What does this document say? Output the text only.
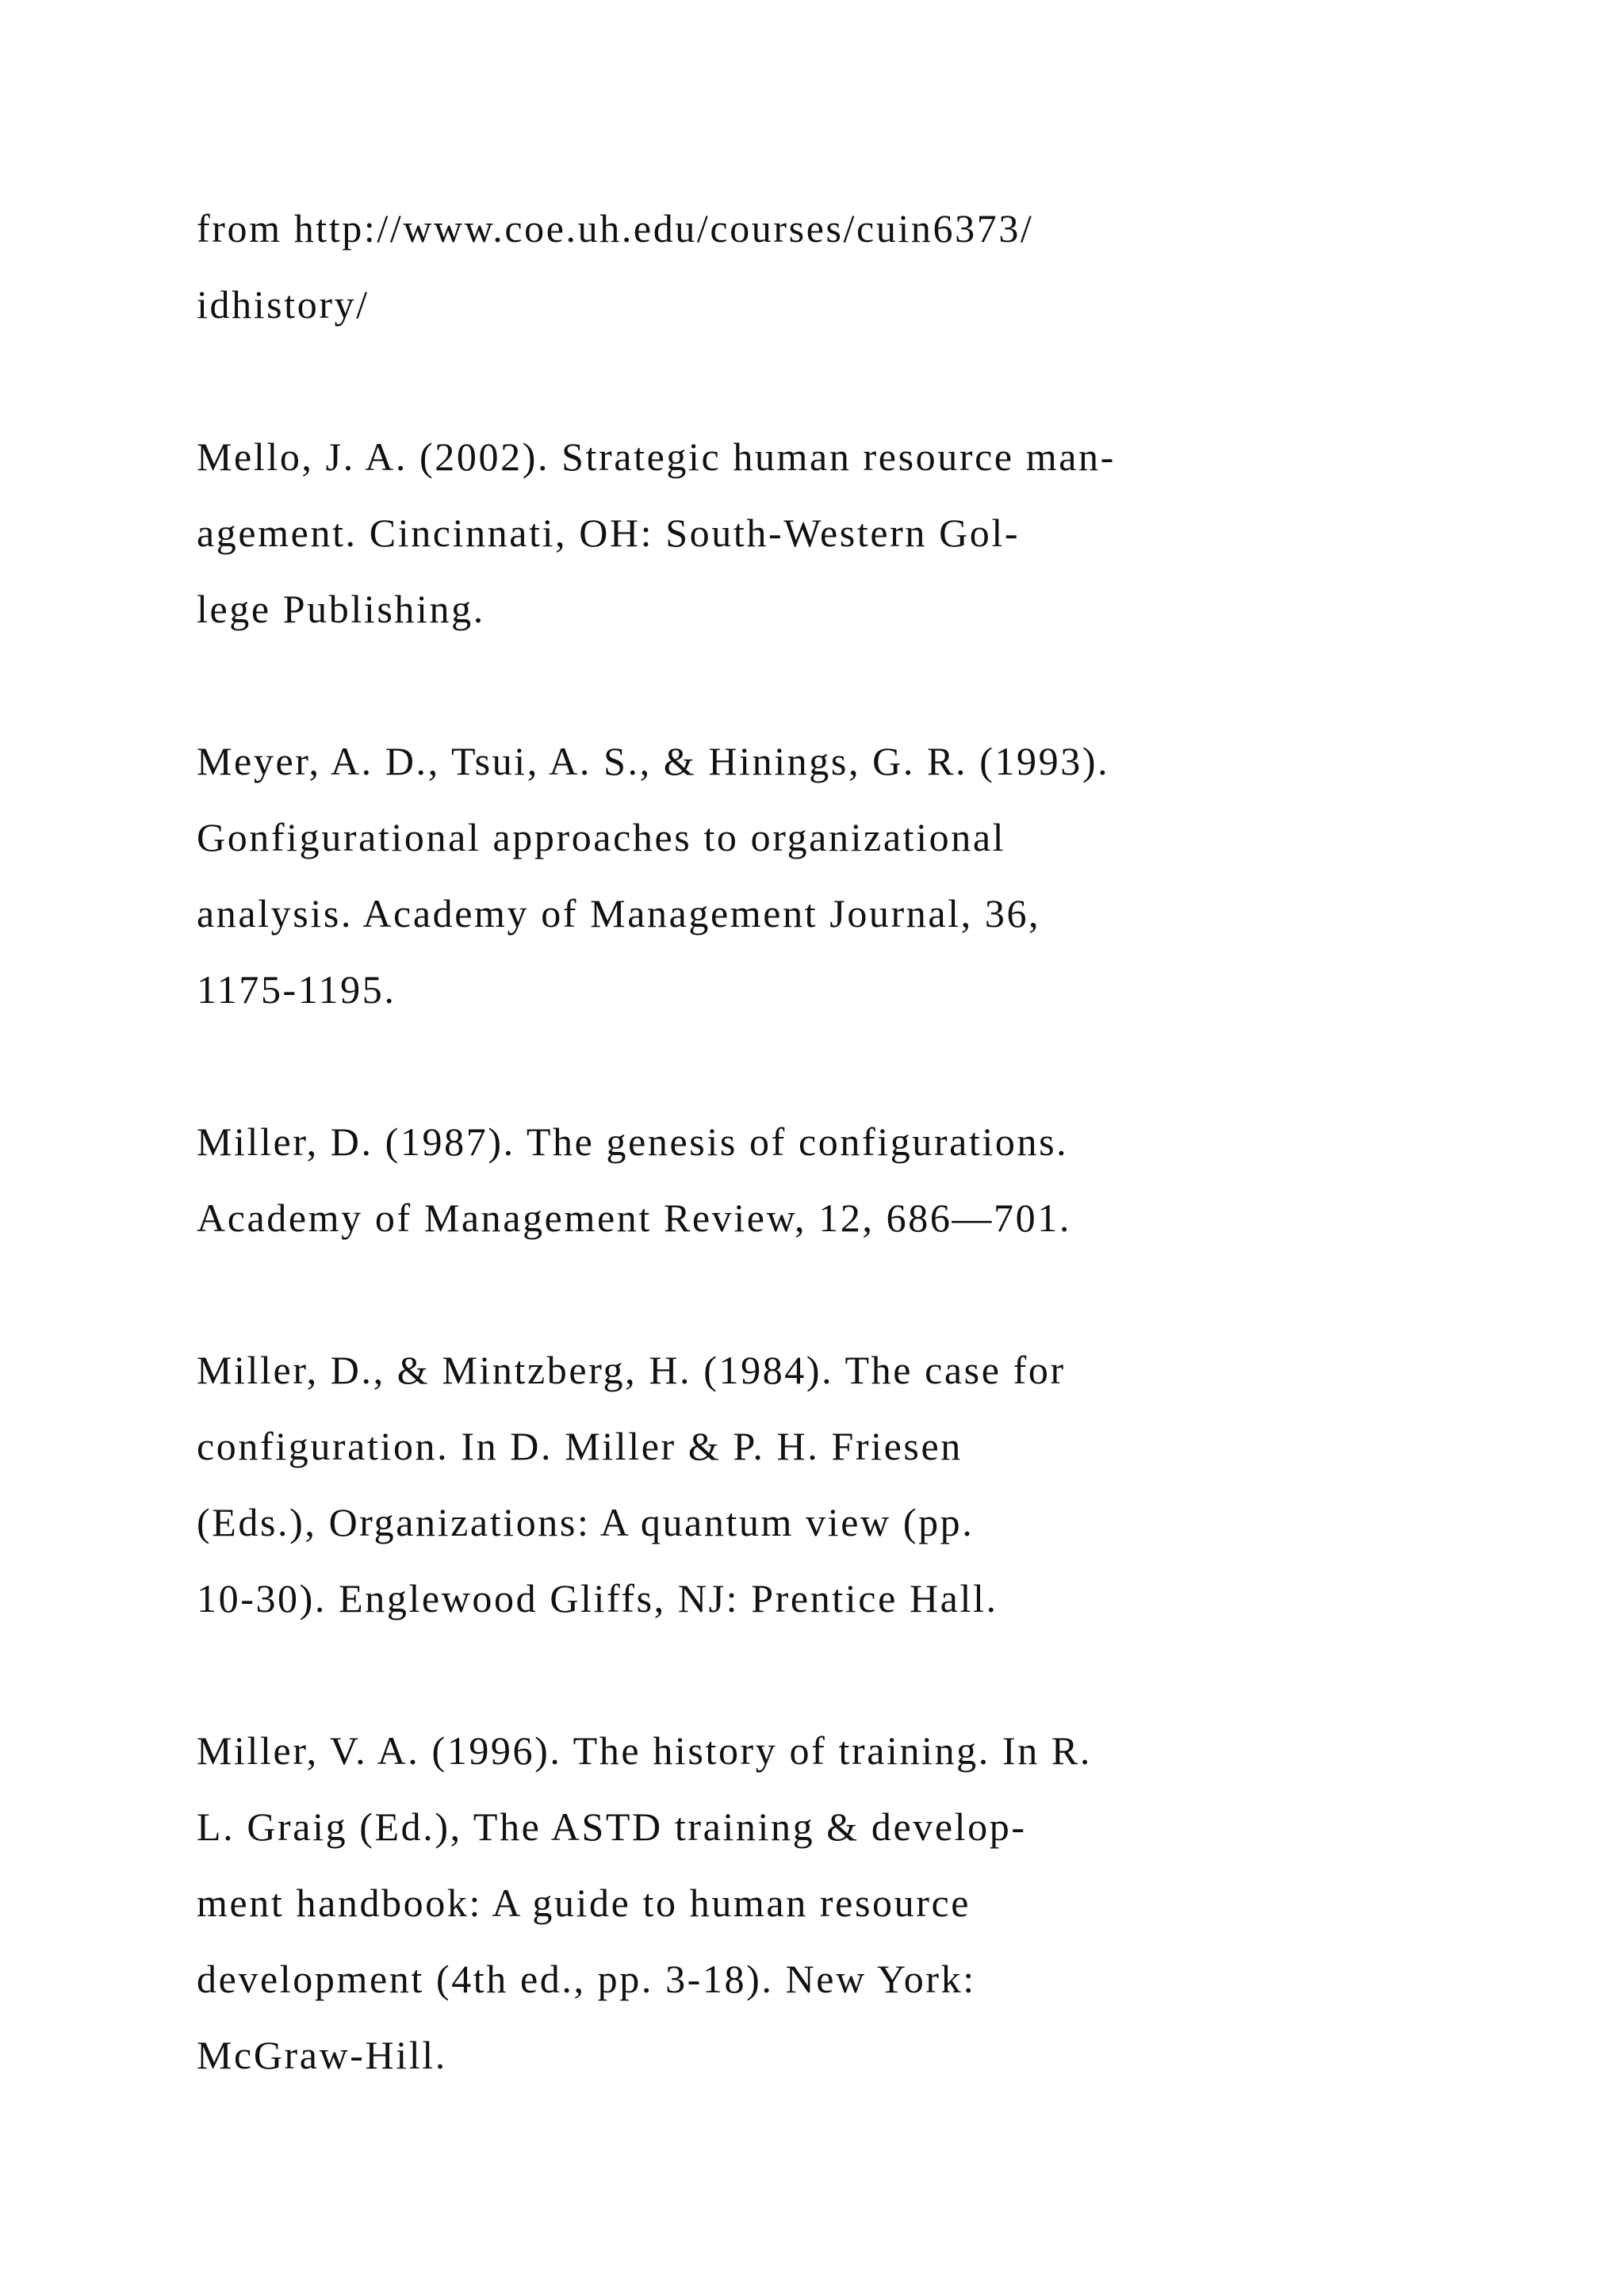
from http://www.coe.uh.edu/courses/cuin6373/
idhistory/
Mello, J. A. (2002). Strategic human resource man-
agement. Cincinnati, OH: South-Western Gol-
lege Publishing.
Meyer, A. D., Tsui, A. S., & Hinings, G. R. (1993).
Gonfigurational approaches to organizational
analysis. Academy of Management Journal, 36,
1175-1195.
Miller, D. (1987). The genesis of configurations.
Academy of Management Review, 12, 686—701.
Miller, D., & Mintzberg, H. (1984). The case for
configuration. In D. Miller & P. H. Friesen
(Eds.), Organizations: A quantum view (pp.
10-30). Englewood Gliffs, NJ: Prentice Hall.
Miller, V. A. (1996). The history of training. In R.
L. Graig (Ed.), The ASTD training & develop-
ment handbook: A guide to human resource
development (4th ed., pp. 3-18). New York:
McGraw-Hill.
